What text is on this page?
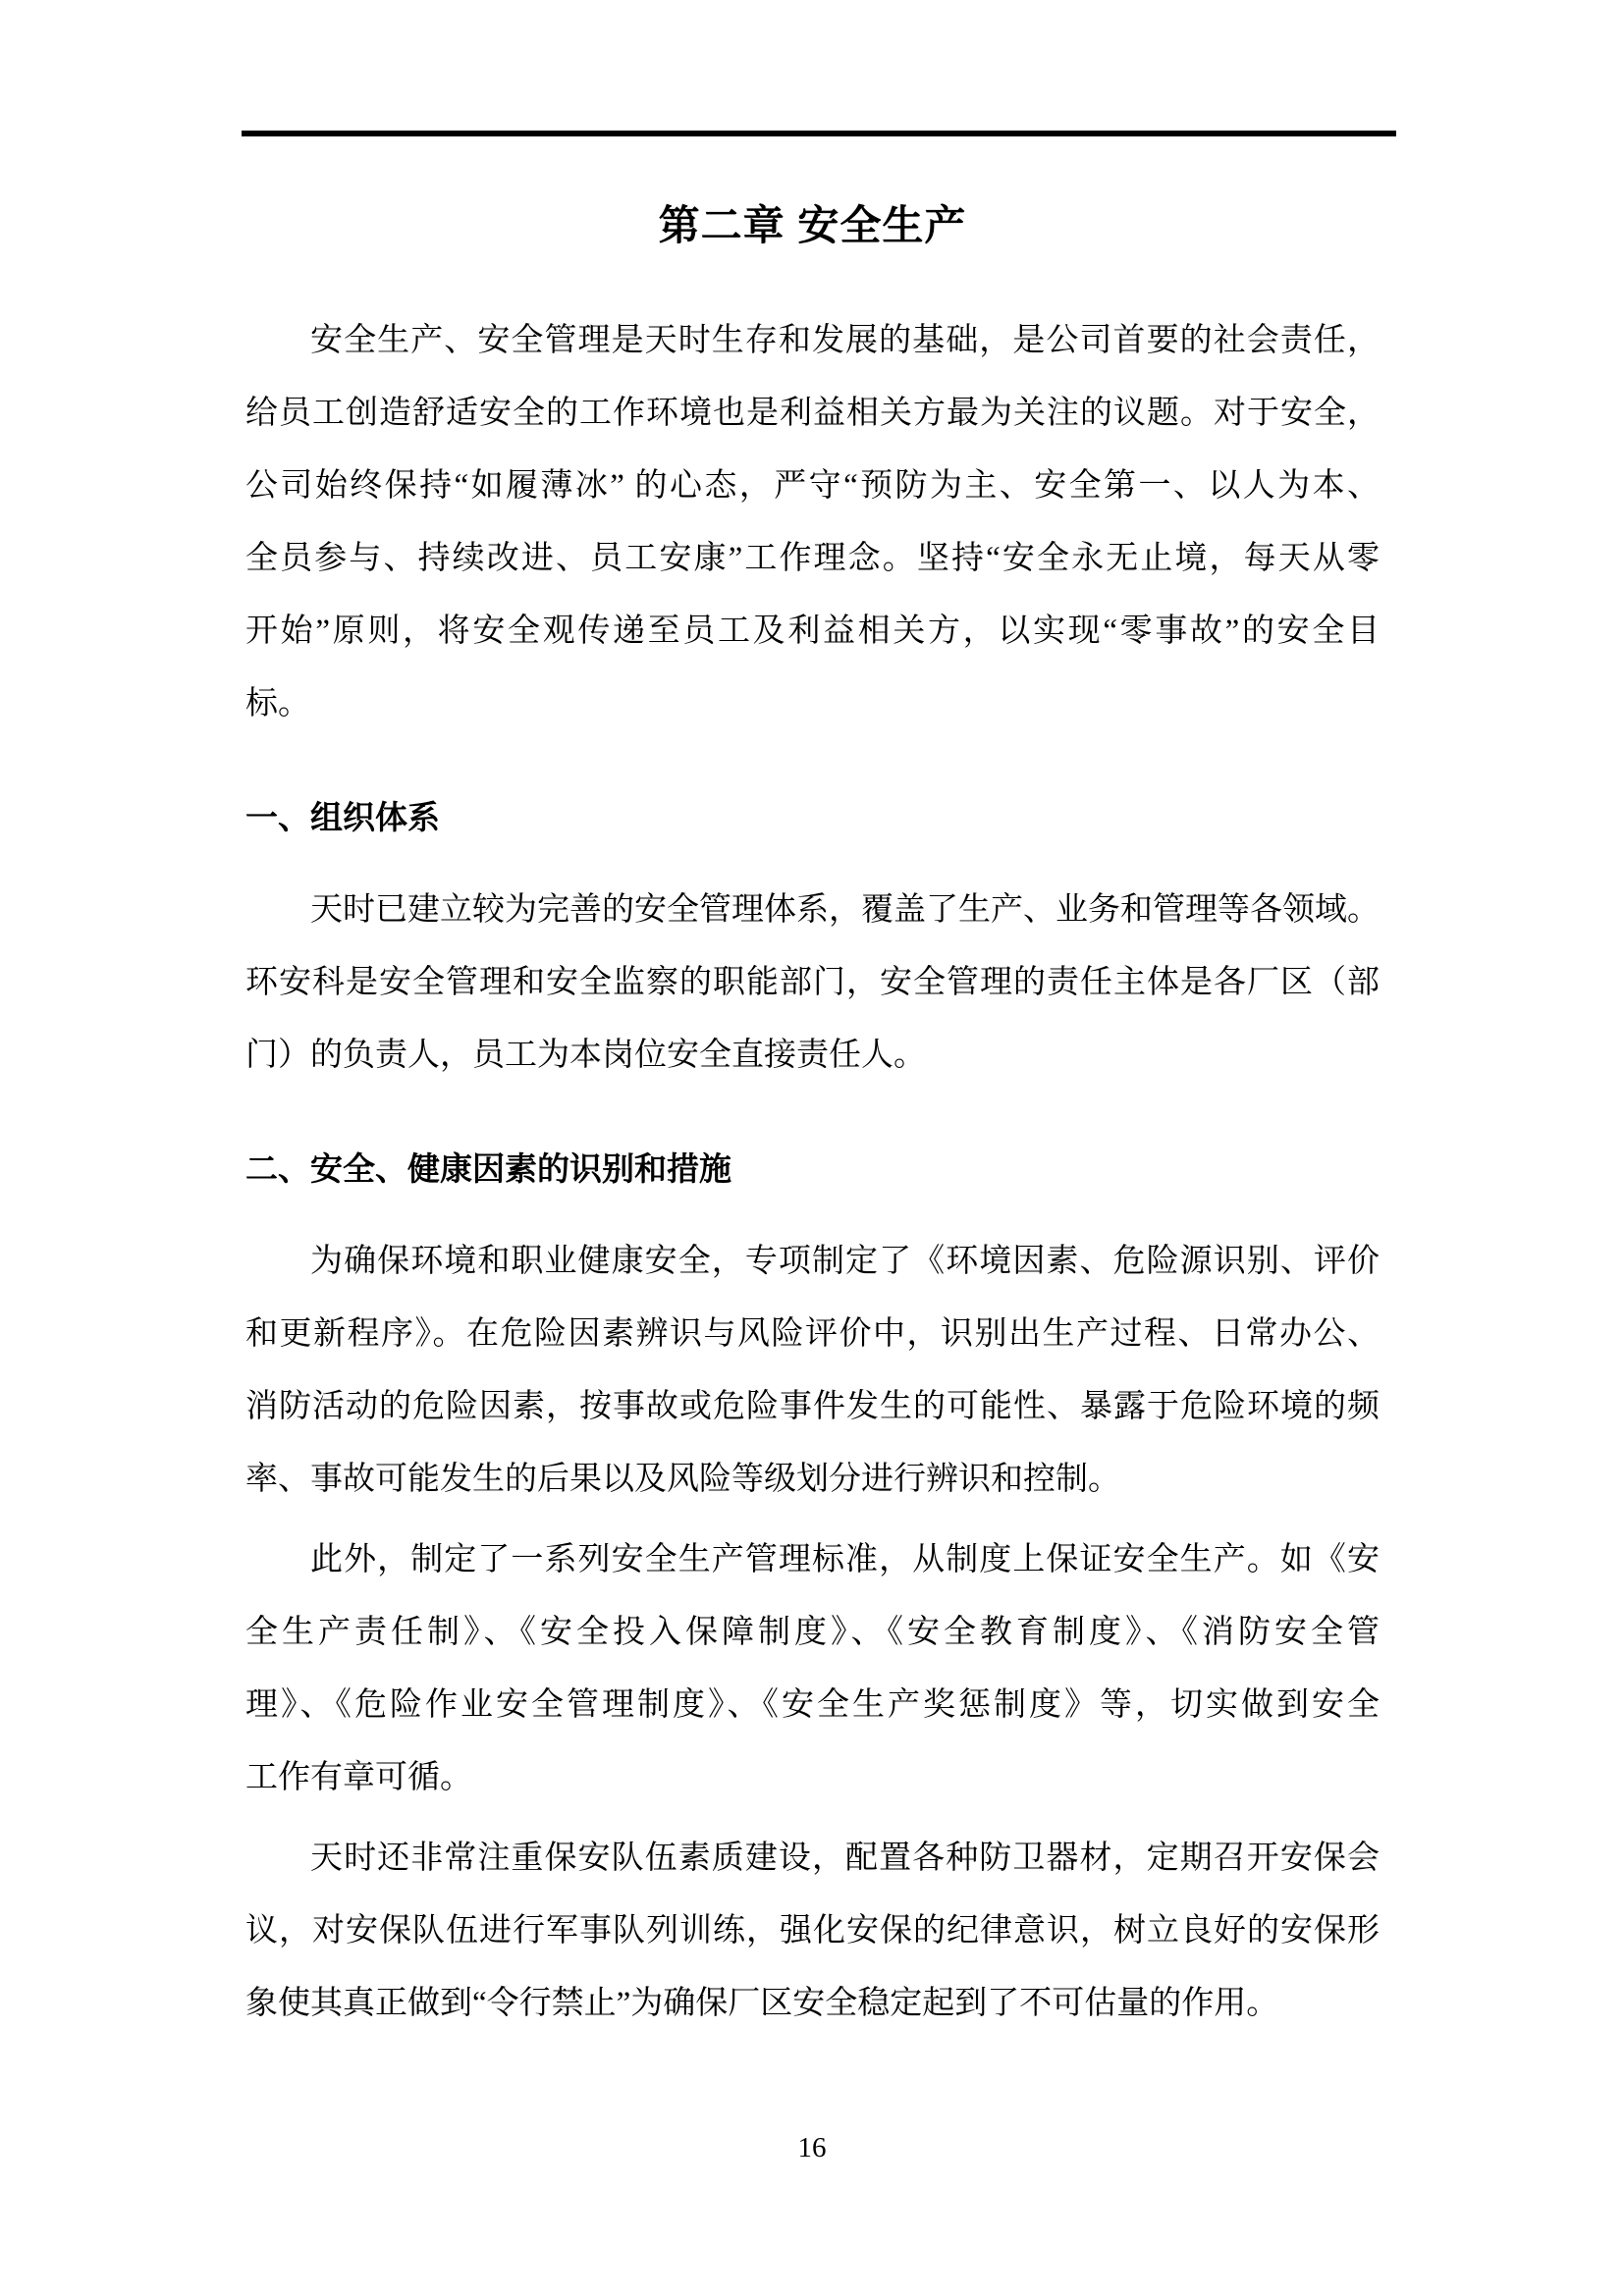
第二章 安全生产
安全生产、安全管理是天时生存和发展的基础，是公司首要的社会责任，
给员工创造舒适安全的工作环境也是利益相关方最为关注的议题。对于安全，
公司始终保持“如履薄冰” 的心态，严守“预防为主、安全第一、以人为本、
全员参与、持续改进、员工安康”工作理念。坚持“安全永无止境，每天从零
开始”原则，将安全观传递至员工及利益相关方，以实现“零事故”的安全目
标。
一、组织体系
天时已建立较为完善的安全管理体系，覆盖了生产、业务和管理等各领域。
环安科是安全管理和安全监察的职能部门，安全管理的责任主体是各厂区（部
门）的负责人，员工为本岗位安全直接责任人。
二、安全、健康因素的识别和措施
为确保环境和职业健康安全，专项制定了《环境因素、危险源识别、评价
和更新程序》。在危险因素辨识与风险评价中，识别出生产过程、日常办公、
消防活动的危险因素，按事故或危险事件发生的可能性、暴露于危险环境的频
率、事故可能发生的后果以及风险等级划分进行辨识和控制。
此外，制定了一系列安全生产管理标准，从制度上保证安全生产。如《安
全生产责任制》、《安全投入保障制度》、《安全教育制度》、《消防安全管
理》、《危险作业安全管理制度》、《安全生产奖惩制度》等，切实做到安全
工作有章可循。
天时还非常注重保安队伍素质建设，配置各种防卫器材，定期召开安保会
议，对安保队伍进行军事队列训练，强化安保的纪律意识，树立良好的安保形
象使其真正做到“令行禁止”为确保厂区安全稳定起到了不可估量的作用。
16
